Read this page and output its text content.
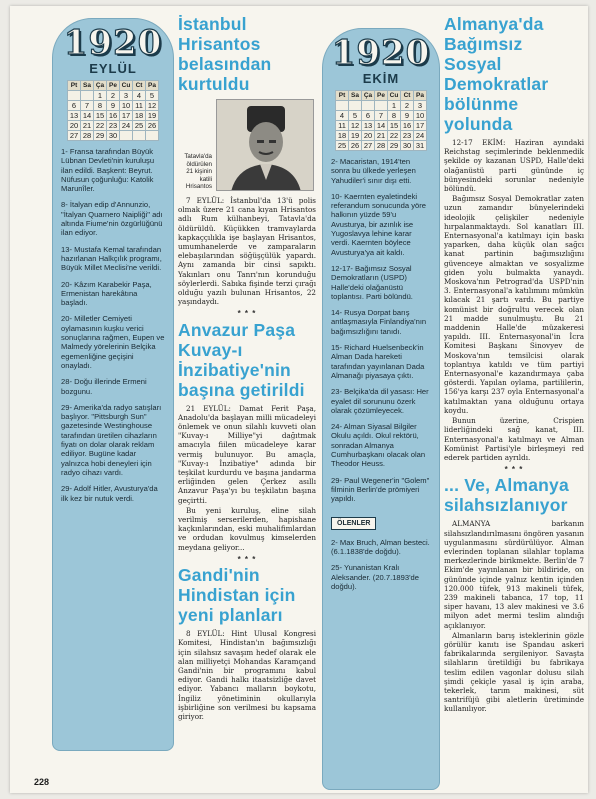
1920
EYLÜL
Pt	Sa	Ça	Pe	Cu	Ct	Pa
		1	2	3	4	5
6	7	8	9	10	11	12
13	14	15	16	17	18	19
20	21	22	23	24	25	26
27	28	29	30			
1- Fransa tarafından Büyük Lübnan Devleti'nin kuruluşu ilan edildi. Başkent: Beyrut. Nüfusun çoğunluğu: Katolik Marunîler.
8- İtalyan edip d'Annunzio, "İtalyan Quarnero Naipliği" adı altında Fiume'nin özgürlüğünü ilan ediyor.
13- Mustafa Kemal tarafından hazırlanan Halkçılık programı, Büyük Millet Meclisi'ne verildi.
20- Kâzım Karabekir Paşa, Ermenistan harekâtına başladı.
20- Milletler Cemiyeti oylamasının kuşku verici sonuçlarına rağmen, Eupen ve Malmedy yörelerinin Belçika egemenliğine geçişini onayladı.
28- Doğu illerinde Ermeni bozgunu.
29- Amerika'da radyo satışları başlıyor. "Pittsburgh Sun" gazetesinde Westinghouse tarafından üretilen cihazların fiyatı on dolar olarak reklam ediliyor. Bugüne kadar yalnızca hobi deneyleri için radyo cihazı vardı.
29- Adolf Hitler, Avusturya'da ilk kez bir nutuk verdi.
İstanbul Hrisantos belasından kurtuldu
Tatavla'da öldürülen 21 kişinin katili Hrisantos

7 EYLÜL: İstanbul'da 13'ü polis olmak üzere 21 cana kıyan Hrisantos adlı Rum külhanbeyi, Tatavla'da öldürüldü. Küçükken tramvaylarda kapkaççılıkla işe başlayan Hrisantos, umumhanelerde ve zamparaların elebaşılarından söğüşçülük yapardı. Aynı zamanda bir cinsi sapıktı. Yakınları onu Tanrı'nın korunduğu söylerlerdi. Sabıka fişinde terzi çırağı olduğu yazılı bulunan Hrisantos, 22 yaşındaydı.

* * *
Anvazur Paşa Kuvay-ı İnzibatiye'nin başına getirildi

21 EYLÜL: Damat Ferit Paşa, Anadolu'da başlayan milli mücadeleyi önlemek ve onun silahlı kuvveti olan "Kuvay-ı Milliye"yi dağıtmak amacıyla fiilen mücadeleye karar vermiş bulunuyor. Bu amaçla, "Kuvay-ı İnzibatiye" adında bir teşkilat kurdurdu ve başına jandarma erliğinden gelen Çerkez asıllı Anzavur Paşa'yı bu teşkilatın başına geçirtti.

Bu yeni kuruluş, eline silah verilmiş serserilerden, hapishane kaçkınlarından, eski muhalifimlardan ve ordudan kovulmuş kimselerden meydana geliyor...

* * *
Gandi'nin Hindistan için yeni planları

8 EYLÜL: Hint Ulusal Kongresi Komitesi, Hindistan'ın bağımsızlığı için silahsız savaşım hedef olarak ele alan milliyetçi Mohandas Karamçand Gandi'nin bir programını kabul ediyor. Gandi halkı itaatsizliğe davet ediyor. Yabancı malların boykotu, İngiliz yönetiminin okullarıyla işbirliğine son verilmesi bu kapsama giriyor.

1920
EKİM
Pt	Sa	Ça	Pe	Cu	Ct	Pa
				1	2	3
4	5	6	7	8	9	10
11	12	13	14	15	16	17
18	19	20	21	22	23	24
25	26	27	28	29	30	31
2- Macaristan, 1914'ten sonra bu ülkede yerleşen Yahudiler'i sınır dışı etti.
10- Kaernten eyaletindeki referandum sonucunda yöre halkının yüzde 59'u Avusturya, bir azınlık ise Yugoslavya lehine karar verdi. Kaernten böylece Avusturya'ya ait kaldı.
12-17- Bağımsız Sosyal Demokratların (USPD) Halle'deki olağanüstü toplantısı. Parti bölündü.
14- Rusya Dorpat barış antlaşmasıyla Finlandiya'nın bağımsızlığını tanıdı.
15- Richard Huelsenbeck'in Alman Dada hareketi tarafından yayınlanan Dada Almanağı piyasaya çıktı.
23- Belçika'da dil yasası: Her eyalet dil sorununu özerk olarak çözümleyecek.
24- Alman Siyasal Bilgiler Okulu açıldı. Okul rektörü, sonradan Almanya Cumhurbaşkanı olacak olan Theodor Heuss.
29- Paul Wegener'in "Golem" filminin Berlin'de prömiyeri yapıldı.
ÖLENLER
2- Max Bruch, Alman besteci. (6.1.1838'de doğdu).
25- Yunanistan Kralı Aleksander. (20.7.1893'de doğdu).
Almanya'da Bağımsız Sosyal Demokratlar bölünme yolunda

12-17 EKİM: Haziran ayındaki Reichstag seçimlerinde beklenmedik şekilde oy kazanan USPD, Halle'deki olağanüstü parti gününde iç bünyesindeki sorunlar nedeniyle bölündü.

Bağımsız Sosyal Demokratlar zaten uzun zamandır bünyelerindeki ideolojik çelişkiler nedeniyle hırpalanmaktaydı. Sol kanatları III. Enternasyonal'a katılmayı için baskı yaparken, daha küçük olan sağcı kanat partinin bağımsızlığını güvenceye almaktan ve sosyalizme giden yolu bulmakta yanaydı. Moskova'nın Petrograd'da USPD'nin 3. Enternasyonal'a katılımını mümkün kılacak 21 şartı vardı. Bu partiye komünist bir doğrultu verecek olan 21 madde sunulmuştu. Bu 21 maddenin Halle'de müzakeresi yapıldı. III. Enternasyonal'in İcra Komitesi Başkanı Sinovyev de Moskova'nın temsilcisi olarak toplantıya katıldı ve tüm partiyi Enternasyonal'e kazandırmaya çaba gösterdi. Yapılan oylama, partililerin, 156'ya karşı 237 oyla Enternasyonal'a katılmaktan yana olduğunu ortaya koydu.

Bunun üzerine, Crispien liderliğindeki sağ kanat, III. Enternasyonal'a katılmayı ve Alman Komünist Partisi'yle birleşmeyi red ederek partiden ayrıldı.

* * *
... Ve, Almanya silahsızlanıyor

ALMANYA barkanın silahsızlandırılmasını öngören yasanın uygulanmasını sürdürülüyor. Alman evlerinden toplanan silahlar toplama merkezlerinde birikmekte. Berlin'de 7 Ekim'de yayınlanan bir bildiride, on gününde içinde yalnız kentin içinden 120.000 tüfek, 913 makineli tüfek, 239 makineli tabanca, 17 top, 11 siper havanı, 13 alev makinesi ve 3.6 milyon adet mermi teslim alındığı açıklanıyor.

Almanların barış isteklerinin gözle görülür kanıtı ise Spandau askeri fabrikalarında sergileniyor. Savaşta silahların üretildiği bu fabrikaya teslim edilen vagonlar dolusu silah şimdi çekiçle yasal iş için araba, tekerlek, tarım makinesi, süt santrifüjü gibi aletlerin üretiminde kullanılıyor.

228
